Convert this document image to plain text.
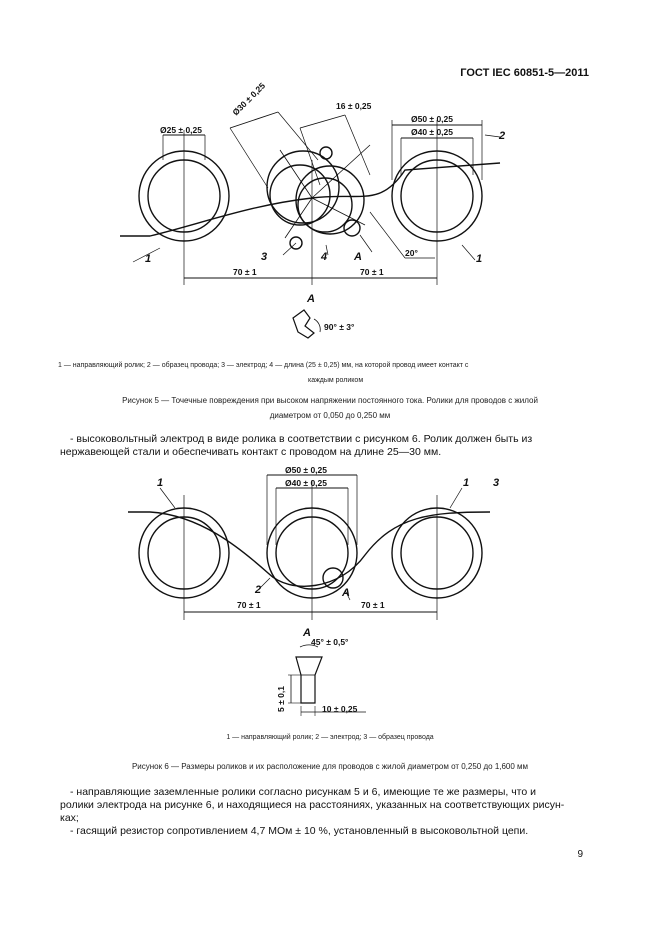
ГОСТ IEC 60851-5—2011
Ø30 ± 0,25	16 ± 0,25
Ø25 ± 0,25
Ø50 ± 0,25
Ø40 ± 0,25
70 ± 1	70 ± 1
20°
90° ± 3°
1	1
2
3	4 A
A
Ø50 ± 0,25
Ø40 ± 0,25
70 ± 1	70 ± 1
45° ± 0,5°
5 ± 0,1	10 ± 0,25
1	1 3
2	A
A
1 — направляющий ролик; 2 — образец провода; 3 — электрод; 4 — длина (25 ± 0,25) мм, на которой провод имеет контакт с
каждым роликом
Рисунок 5 — Точечные повреждения при высоком напряжении постоянного тока. Ролики для проводов с жилой
диаметром от 0,050 до 0,250 мм
- высоковольтный электрод в виде ролика в соответствии с рисунком 6. Ролик должен быть из
нержавеющей стали и обеспечивать контакт с проводом на длине 25—30 мм.
1 — направляющий ролик; 2 — электрод; 3 — образец провода
Рисунок 6 — Размеры роликов и их расположение для проводов с жилой диаметром от 0,250 до 1,600 мм
- направляющие заземленные ролики согласно рисункам 5 и 6, имеющие те же размеры, что и
ролики электрода на рисунке 6, и находящиеся на расстояниях, указанных на соответствующих рисун-
ках;
- гасящий резистор сопротивлением 4,7 МОм ± 10 %, установленный в высоковольтной цепи.
9
